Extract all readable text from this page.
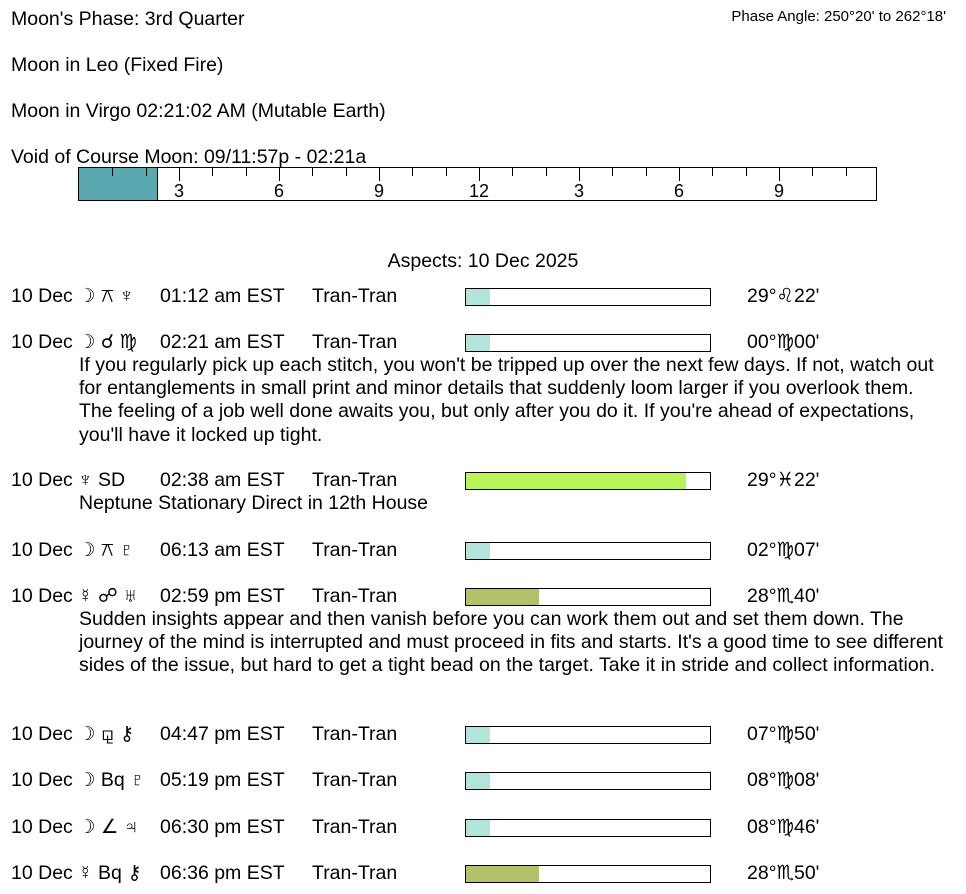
Moon's Phase: 3rd Quarter	Phase Angle: 250°20' to 262°18'
Moon in Leo (Fixed Fire)
Moon in Virgo 02:21:02 AM (Mutable Earth)
Void of Course Moon: 09/11:57p - 02:21a
3	6	9	12	3	6	9
Aspects: 10 Dec 2025
10 Dec ☽ ⚻ ♆ 01:12 am EST Tran-Tran	29°♌22'
10 Dec ☽ ☌ ♍ 02:21 am EST Tran-Tran	00°♍00'
If you regularly pick up each stitch, you won't be tripped up over the next few days. If not, watch out for entanglements in small print and minor details that suddenly loom larger if you overlook them. The feeling of a job well done awaits you, but only after you do it. If you're ahead of expectations, you'll have it locked up tight.
10 Dec ♆ SD 02:38 am EST Tran-Tran	29°♓22'
Neptune Stationary Direct in 12th House
10 Dec ☽ ⚻ ♇ 06:13 am EST Tran-Tran	02°♍07'
10 Dec ☿ ☍ ♅ 02:59 pm EST Tran-Tran	28°♏40'
Sudden insights appear and then vanish before you can work them out and set them down. The journey of the mind is interrupted and must proceed in fits and starts. It's a good time to see different sides of the issue, but hard to get a tight bead on the target. Take it in stride and collect information.
10 Dec ☽ ⚼ ⚷ 04:47 pm EST Tran-Tran	07°♍50'
10 Dec ☽ Bq ♇ 05:19 pm EST Tran-Tran	08°♍08'
10 Dec ☽ ∠ ♃ 06:30 pm EST Tran-Tran	08°♍46'
10 Dec ☿ Bq ⚷ 06:36 pm EST Tran-Tran	28°♏50'
